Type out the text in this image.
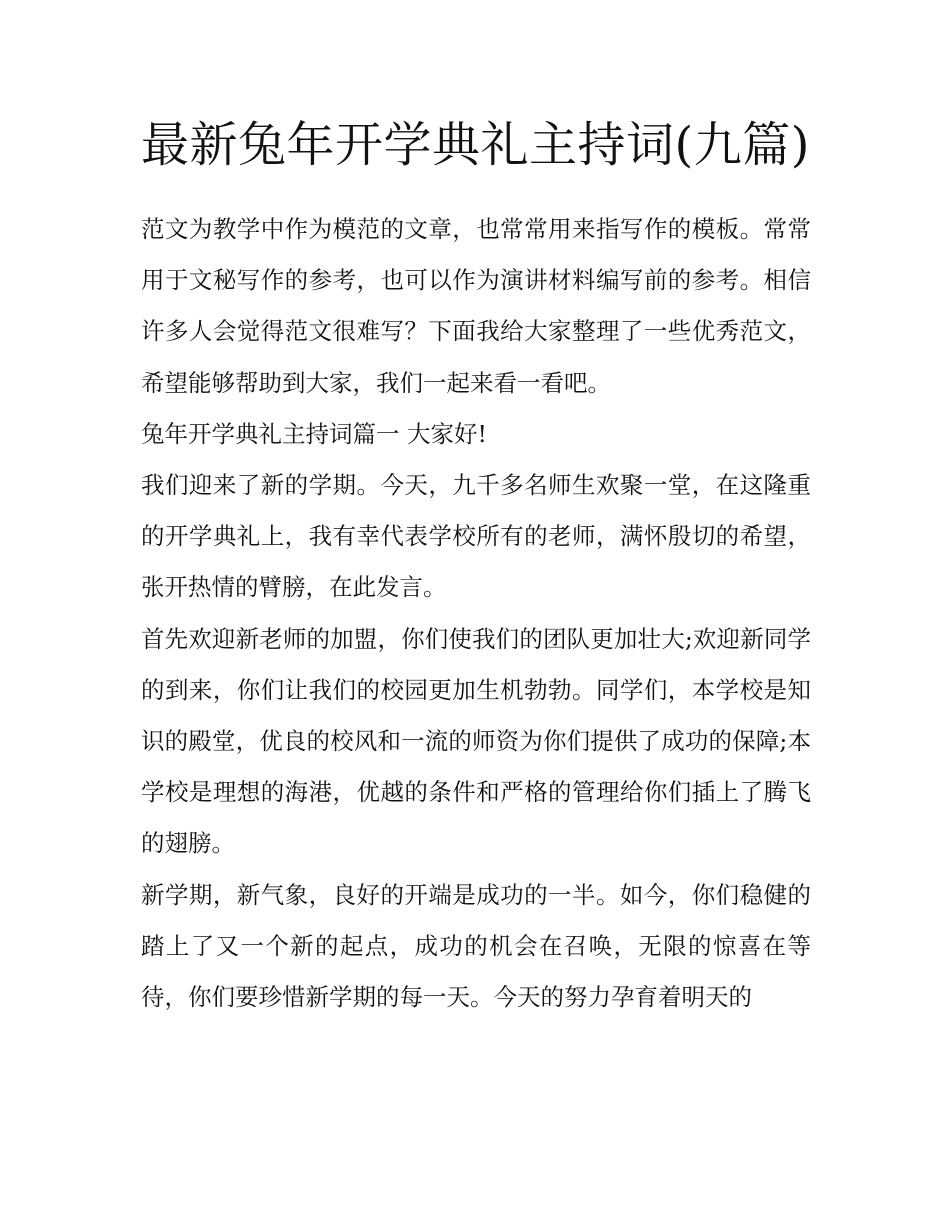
最新兔年开学典礼主持词(九篇)

范文为教学中作为模范的文章，也常常用来指写作的模板。常常用于文秘写作的参考，也可以作为演讲材料编写前的参考。相信许多人会觉得范文很难写？下面我给大家整理了一些优秀范文，希望能够帮助到大家，我们一起来看一看吧。

兔年开学典礼主持词篇一 大家好!

我们迎来了新的学期。今天，九千多名师生欢聚一堂，在这隆重的开学典礼上，我有幸代表学校所有的老师，满怀殷切的希望，张开热情的臂膀，在此发言。

首先欢迎新老师的加盟，你们使我们的团队更加壮大;欢迎新同学的到来，你们让我们的校园更加生机勃勃。同学们，本学校是知识的殿堂，优良的校风和一流的师资为你们提供了成功的保障;本学校是理想的海港，优越的条件和严格的管理给你们插上了腾飞的翅膀。

新学期，新气象，良好的开端是成功的一半。如今，你们稳健的踏上了又一个新的起点，成功的机会在召唤，无限的惊喜在等待，你们要珍惜新学期的每一天。今天的努力孕育着明天的
